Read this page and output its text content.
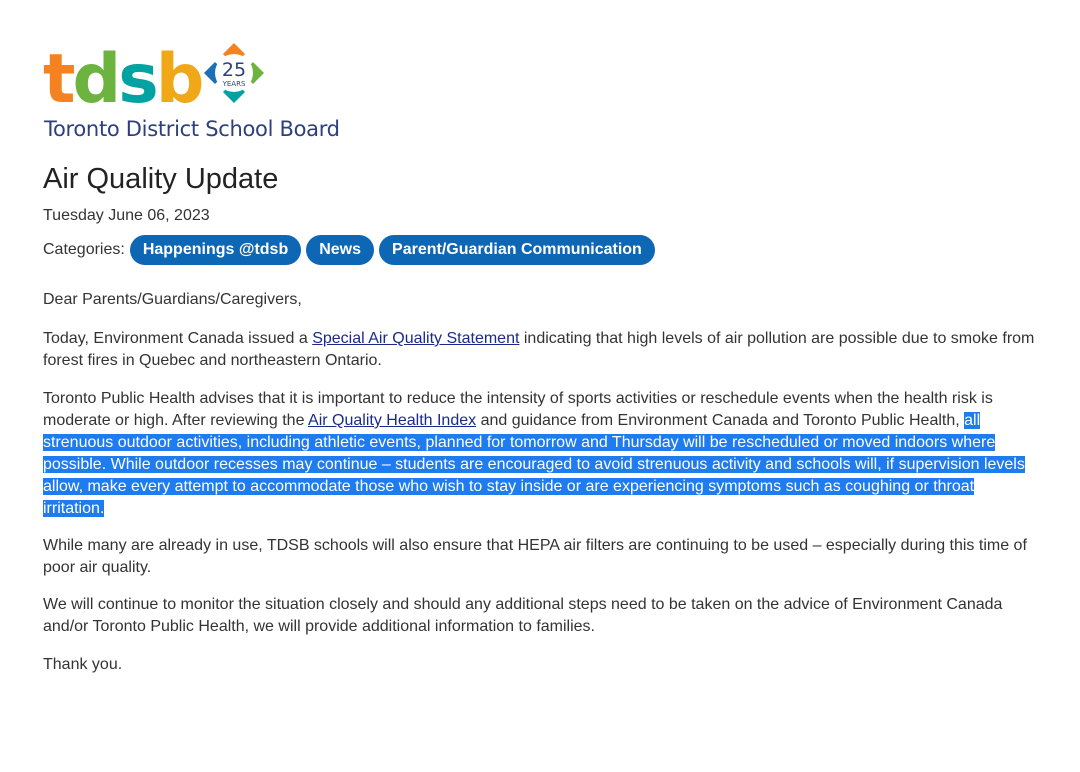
tdsb 25
YEARS
Toronto District School Board
Air Quality Update
Tuesday June 06, 2023
Categories:	Happenings @tdsb	News	Parent/Guardian Communication

Dear Parents/Guardians/Caregivers,

Today, Environment Canada issued a Special Air Quality Statement indicating that high levels of air pollution are possible due to smoke from forest fires in Quebec and northeastern Ontario.

Toronto Public Health advises that it is important to reduce the intensity of sports activities or reschedule events when the health risk is moderate or high. After reviewing the Air Quality Health Index and guidance from Environment Canada and Toronto Public Health, all strenuous outdoor activities, including athletic events, planned for tomorrow and Thursday will be rescheduled or moved indoors where possible. While outdoor recesses may continue – students are encouraged to avoid strenuous activity and schools will, if supervision levels allow, make every attempt to accommodate those who wish to stay inside or are experiencing symptoms such as coughing or throat irritation.

While many are already in use, TDSB schools will also ensure that HEPA air filters are continuing to be used – especially during this time of poor air quality.

We will continue to monitor the situation closely and should any additional steps need to be taken on the advice of Environment Canada and/or Toronto Public Health, we will provide additional information to families.

Thank you.
